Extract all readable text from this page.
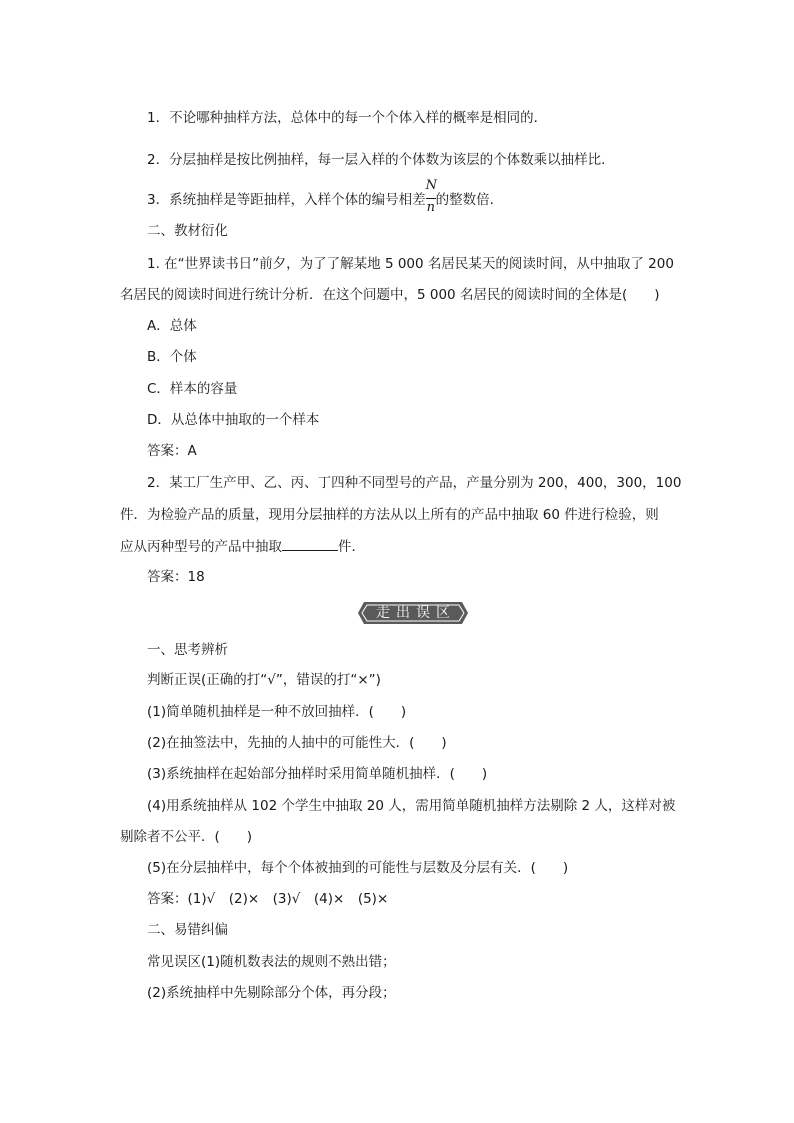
1．不论哪种抽样方法，总体中的每一个个体入样的概率是相同的．
2．分层抽样是按比例抽样，每一层入样的个体数为该层的个体数乘以抽样比．
3．系统抽样是等距抽样，入样个体的编号相差 $\frac{N}{n}$ 的整数倍．
二、教材衍化
1. 在“世界读书日”前夕，为了了解某地 5 000 名居民某天的阅读时间，从中抽取了 200
名居民的阅读时间进行统计分析．在这个问题中，5 000 名居民的阅读时间的全体是(　　)
A．总体
B．个体
C．样本的容量
D．从总体中抽取的一个样本
答案：A
2．某工厂生产甲、乙、丙、丁四种不同型号的产品，产量分别为 200，400，300，100
件．为检验产品的质量，现用分层抽样的方法从以上所有的产品中抽取 60 件进行检验，则
应从丙种型号的产品中抽取	件．
答案：18
走出误区
一、思考辨析
判断正误(正确的打“√”，错误的打“×”)
(1)简单随机抽样是一种不放回抽样．(　　)
(2)在抽签法中，先抽的人抽中的可能性大．(　　)
(3)系统抽样在起始部分抽样时采用简单随机抽样．(　　)
(4)用系统抽样从 102 个学生中抽取 20 人，需用简单随机抽样方法剔除 2 人，这样对被
剔除者不公平．(　　)
(5)在分层抽样中，每个个体被抽到的可能性与层数及分层有关．(　　)
答案：(1)√　(2)×　(3)√　(4)×　(5)×
二、易错纠偏
常见误区(1)随机数表法的规则不熟出错；
(2)系统抽样中先剔除部分个体，再分段；
